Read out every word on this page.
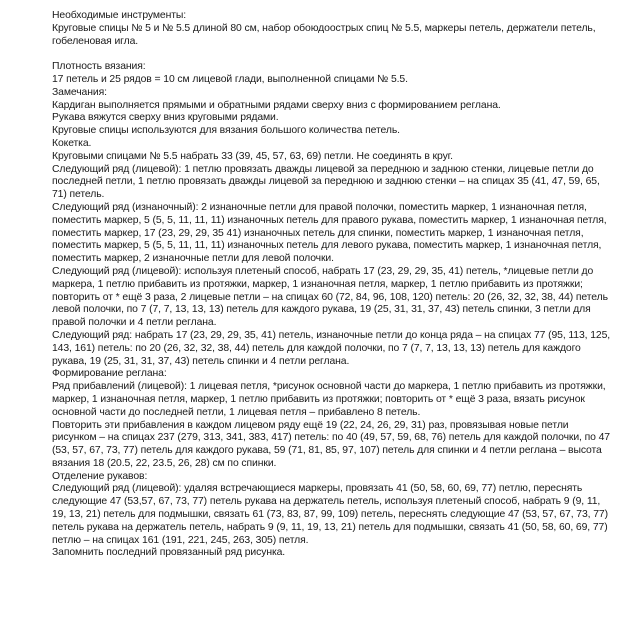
Необходимые инструменты:

Круговые спицы № 5 и № 5.5 длиной 80 см, набор обоюдоострых спиц № 5.5, маркеры петель, держатели петель, гобеленовая игла.

Плотность вязания:

17 петель и 25 рядов = 10 см лицевой глади, выполненной спицами № 5.5.

Замечания:

Кардиган выполняется прямыми и обратными рядами сверху вниз с формированием реглана.

Рукава вяжутся сверху вниз круговыми рядами.

Круговые спицы используются для вязания большого количества петель.

Кокетка.

Круговыми спицами № 5.5 набрать 33 (39, 45, 57, 63, 69) петли. Не соединять в круг.

Следующий ряд (лицевой): 1 петлю провязать дважды лицевой за переднюю и заднюю стенки, лицевые петли до последней петли, 1 петлю провязать дважды лицевой за переднюю и заднюю стенки – на спицах 35 (41, 47, 59, 65, 71) петель.

Следующий ряд (изнаночный): 2 изнаночные петли для правой полочки, поместить маркер, 1 изнаночная петля, поместить маркер, 5 (5, 5, 11, 11, 11) изнаночных петель для правого рукава, поместить маркер, 1 изнаночная петля, поместить маркер, 17 (23, 29, 29, 35 41) изнаночных петель для спинки, поместить маркер, 1 изнаночная петля, поместить маркер, 5 (5, 5, 11, 11, 11) изнаночных петель для левого рукава, поместить маркер, 1 изнаночная петля, поместить маркер, 2 изнаночные петли для левой полочки.

Следующий ряд (лицевой): используя плетеный способ, набрать 17 (23, 29, 29, 35, 41) петель, *лицевые петли до маркера, 1 петлю прибавить из протяжки, маркер, 1 изнаночная петля, маркер, 1 петлю прибавить из протяжки; повторить от * ещё 3 раза, 2 лицевые петли – на спицах 60 (72, 84, 96, 108, 120) петель: 20 (26, 32, 32, 38, 44) петель левой полочки, по 7 (7, 7, 13, 13, 13) петель для каждого рукава, 19 (25, 31, 31, 37, 43) петель спинки, 3 петли для правой полочки и 4 петли реглана.

Следующий ряд: набрать 17 (23, 29, 29, 35, 41) петель, изнаночные петли до конца ряда – на спицах 77 (95, 113, 125, 143, 161) петель: по 20 (26, 32, 32, 38, 44) петель для каждой полочки, по 7 (7, 7, 13, 13, 13) петель для каждого рукава, 19 (25, 31, 31, 37, 43) петель спинки и 4 петли реглана.

Формирование реглана:

Ряд прибавлений (лицевой): 1 лицевая петля, *рисунок основной части до маркера, 1 петлю прибавить из протяжки, маркер, 1 изнаночная петля, маркер, 1 петлю прибавить из протяжки; повторить от * ещё 3 раза, вязать рисунок основной части до последней петли, 1 лицевая петля – прибавлено 8 петель.

Повторить эти прибавления в каждом лицевом ряду ещё 19 (22, 24, 26, 29, 31) раз, провязывая новые петли рисунком – на спицах 237 (279, 313, 341, 383, 417) петель: по 40 (49, 57, 59, 68, 76) петель для каждой полочки, по 47 (53, 57, 67, 73, 77) петель для каждого рукава, 59 (71, 81, 85, 97, 107) петель для спинки и 4 петли реглана – высота вязания 18 (20.5, 22, 23.5, 26, 28) см по спинки.

Отделение рукавов:

Следующий ряд (лицевой): удаляя встречающиеся маркеры, провязать 41 (50, 58, 60, 69, 77) петлю, переснять следующие 47 (53,57, 67, 73, 77) петель рукава на держатель петель, используя плетеный способ, набрать 9 (9, 11, 19, 13, 21) петель для подмышки, связать 61 (73, 83, 87, 99, 109) петель, переснять следующие 47 (53, 57, 67, 73, 77) петель рукава на держатель петель, набрать 9 (9, 11, 19, 13, 21) петель для подмышки, связать 41 (50, 58, 60, 69, 77) петлю – на спицах 161 (191, 221, 245, 263, 305) петля.

Запомнить последний провязанный ряд рисунка.
